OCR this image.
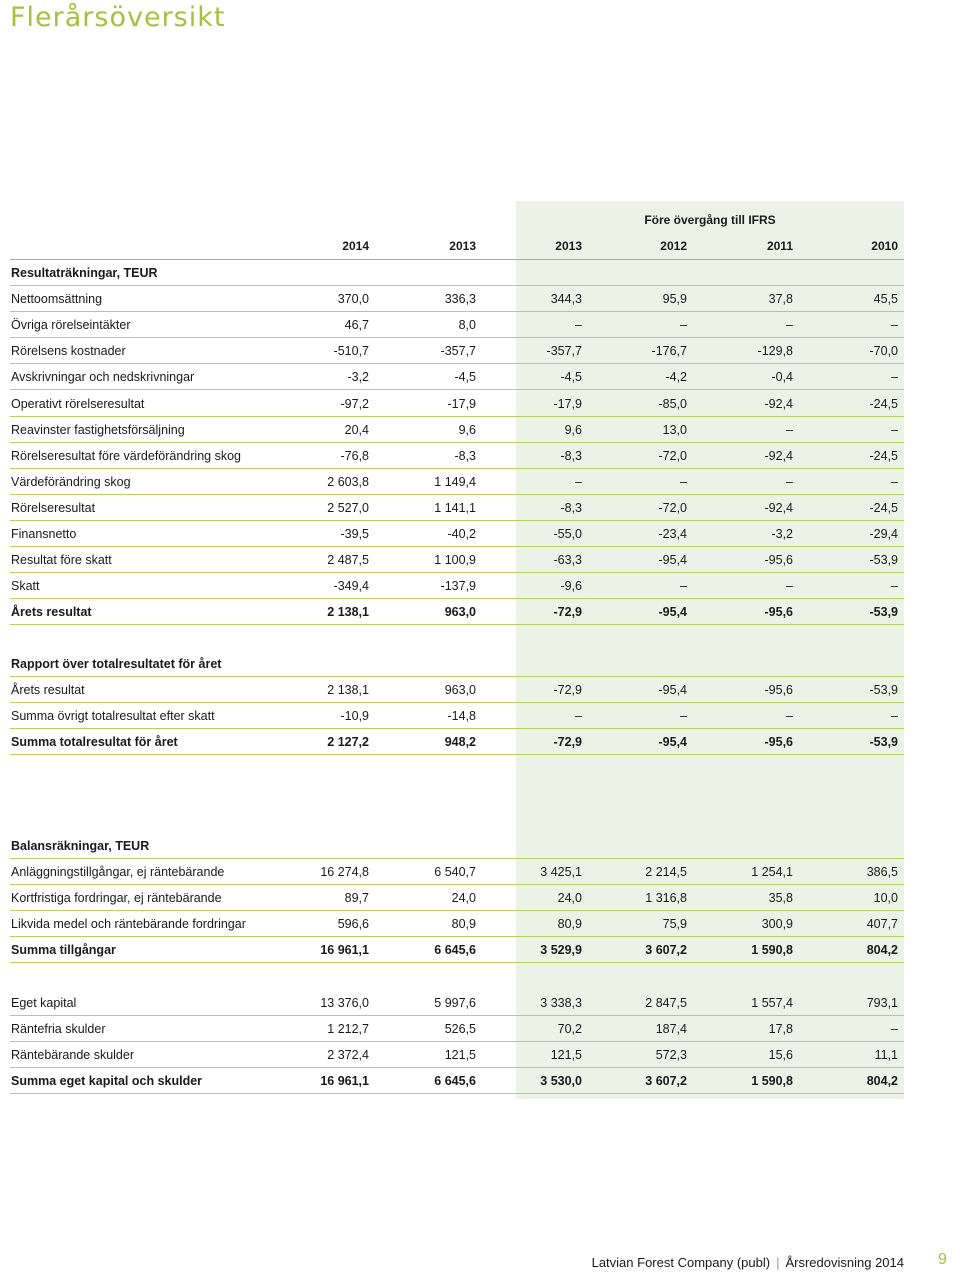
Flerårsöversikt
Före övergång till IFRS
2014	2013	2013	2012	2011	2010
Resultaträkningar, TEUR
Nettoomsättning	370,0	336,3	344,3	95,9	37,8	45,5
Övriga rörelseintäkter	46,7	8,0	–	–	–	–
Rörelsens kostnader	-510,7	-357,7	-357,7	-176,7	-129,8	-70,0
Avskrivningar och nedskrivningar	-3,2	-4,5	-4,5	-4,2	-0,4	–
Operativt rörelseresultat	-97,2	-17,9	-17,9	-85,0	-92,4	-24,5
Reavinster fastighetsförsäljning	20,4	9,6	9,6	13,0	–	–
Rörelseresultat före värdeförändring skog	-76,8	-8,3	-8,3	-72,0	-92,4	-24,5
Värdeförändring skog	2 603,8	1 149,4	–	–	–	–
Rörelseresultat	2 527,0	1 141,1	-8,3	-72,0	-92,4	-24,5
Finansnetto	-39,5	-40,2	-55,0	-23,4	-3,2	-29,4
Resultat före skatt	2 487,5	1 100,9	-63,3	-95,4	-95,6	-53,9
Skatt	-349,4	-137,9	-9,6	–	–	–
Årets resultat	2 138,1	963,0	-72,9	-95,4	-95,6	-53,9
Rapport över totalresultatet för året
Årets resultat	2 138,1	963,0	-72,9	-95,4	-95,6	-53,9
Summa övrigt totalresultat efter skatt	-10,9	-14,8	–	–	–	–
Summa totalresultat för året	2 127,2	948,2	-72,9	-95,4	-95,6	-53,9
Balansräkningar, TEUR
Anläggningstillgångar, ej räntebärande	16 274,8	6 540,7	3 425,1	2 214,5	1 254,1	386,5
Kortfristiga fordringar, ej räntebärande	89,7	24,0	24,0	1 316,8	35,8	10,0
Likvida medel och räntebärande fordringar	596,6	80,9	80,9	75,9	300,9	407,7
Summa tillgångar	16 961,1	6 645,6	3 529,9	3 607,2	1 590,8	804,2
Eget kapital	13 376,0	5 997,6	3 338,3	2 847,5	1 557,4	793,1
Räntefria skulder	1 212,7	526,5	70,2	187,4	17,8	–
Räntebärande skulder	2 372,4	121,5	121,5	572,3	15,6	11,1
Summa eget kapital och skulder	16 961,1	6 645,6	3 530,0	3 607,2	1 590,8	804,2
Latvian Forest Company (publ) | Årsredovisning 2014 9
